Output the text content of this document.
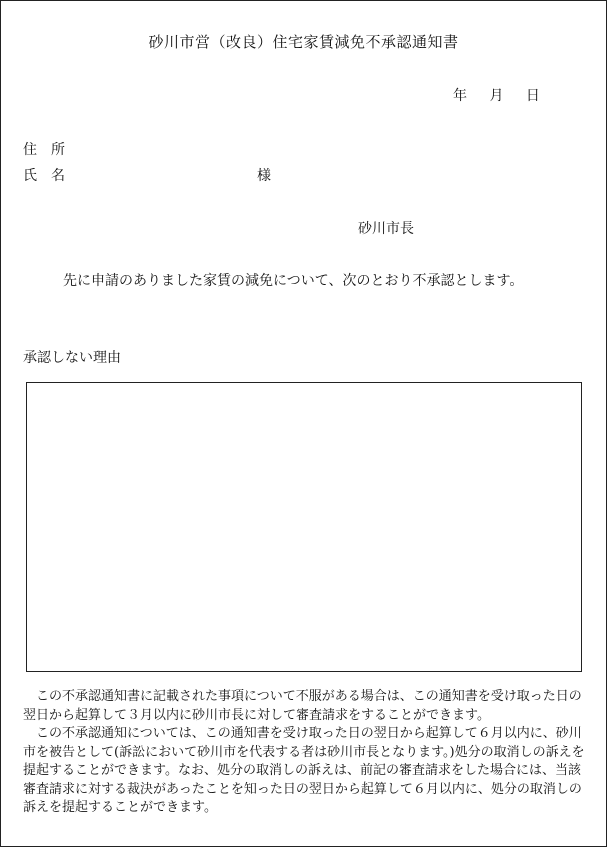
砂川市営（改良）住宅家賃減免不承認通知書
年 月 日
住　所
氏　名	様
砂川市長
先に申請のありました家賃の減免について、次のとおり不承認とします。
承認しない理由

この不承認通知書に記載された事項について不服がある場合は、この通知書を受け取った日の翌日から起算して３月以内に砂川市長に対して審査請求をすることができます。

この不承認通知については、この通知書を受け取った日の翌日から起算して６月以内に、砂川市を被告として(訴訟において砂川市を代表する者は砂川市長となります。)処分の取消しの訴えを提起することができます。なお、処分の取消しの訴えは、前記の審査請求をした場合には、当該審査請求に対する裁決があったことを知った日の翌日から起算して６月以内に、処分の取消しの訴えを提起することができます。
